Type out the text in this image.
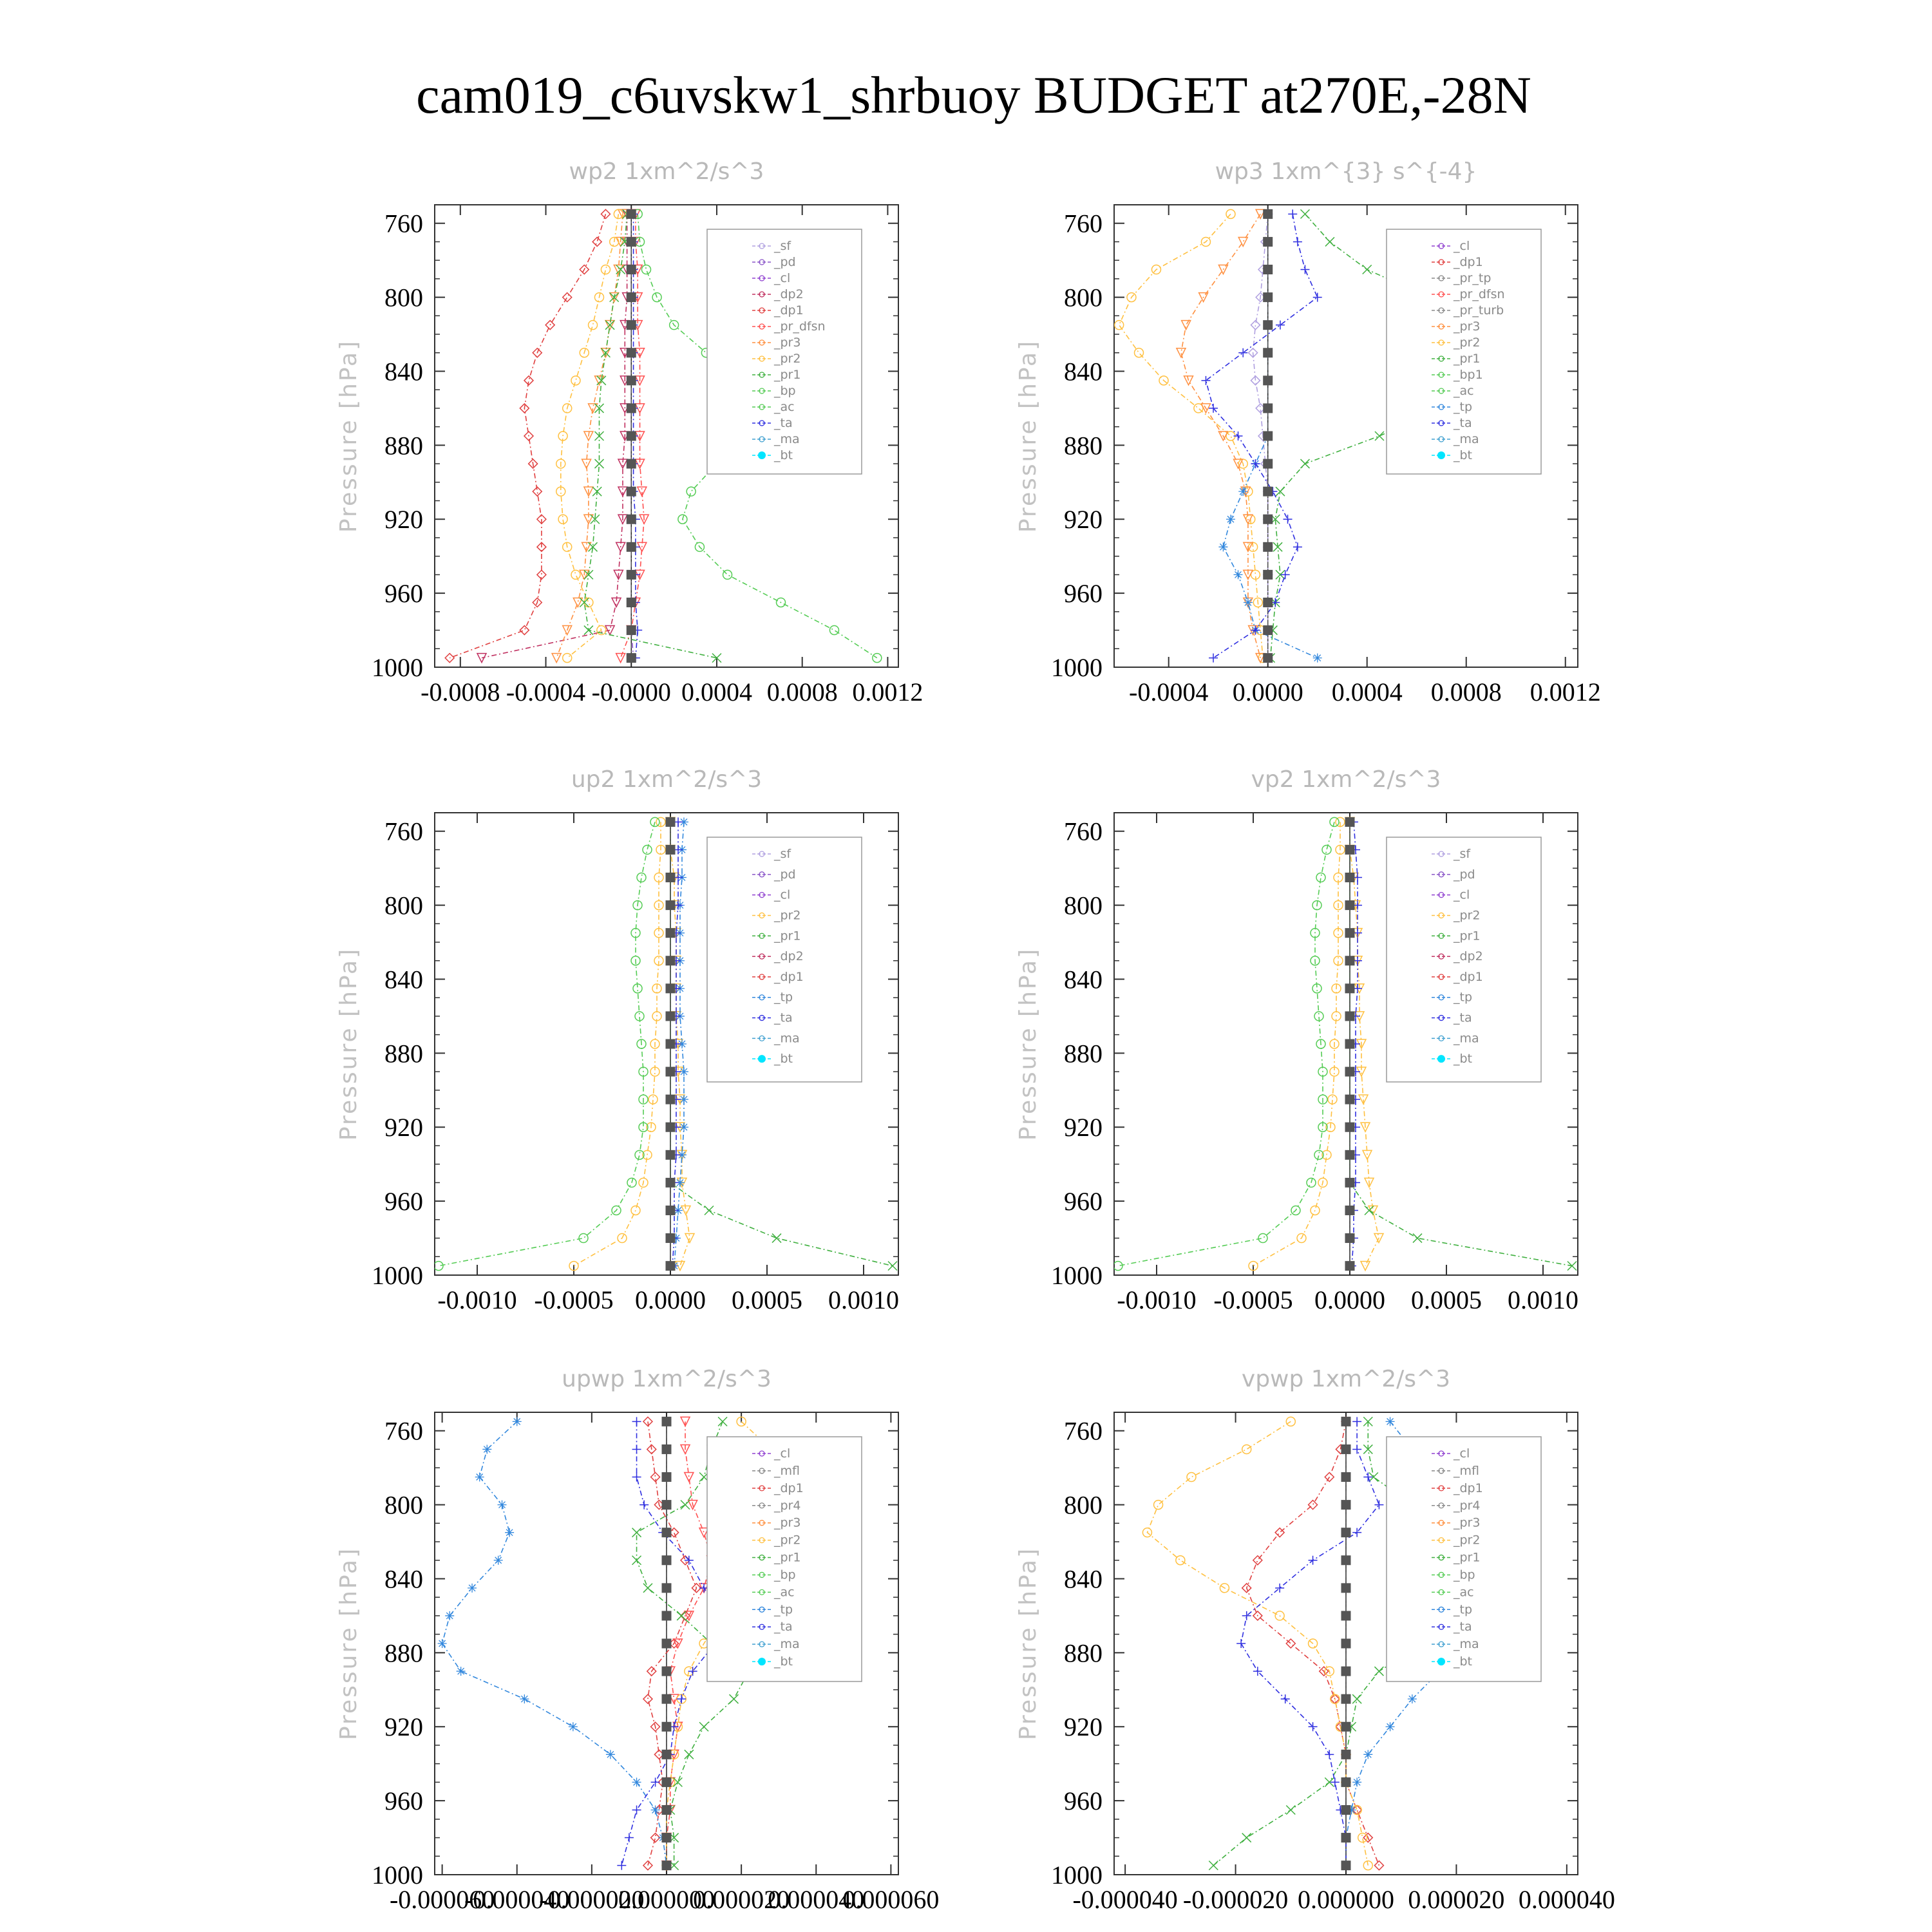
cam019_c6uvskw1_shrbuoy BUDGET at270E,-28N
wp2 1xm^2/s^3
Pressure [hPa]
760
800
840
880
920
960
1000
-0.0008 -0.0004 -0.0000 0.0004 0.0008 0.0012
_sf
_pd
_cl
_dp2
_dp1
_pr_dfsn
_pr3
_pr2
_pr1
_bp
_ac
_ta
_ma
_bt
wp3 1xm^{3} s^{-4}
Pressure [hPa]
760
800
840
880
920
960
1000
-0.0004 0.0000 0.0004 0.0008 0.0012
_cl
_dp1
_pr_tp
_pr_dfsn
_pr_turb
_pr3
_pr2
_pr1
_bp1
_ac
_tp
_ta
_ma
_bt
up2 1xm^2/s^3
Pressure [hPa]
760
800
840
880
920
960
1000
-0.0010 -0.0005 0.0000 0.0005 0.0010
_sf
_pd
_cl
_pr2
_pr1
_dp2
_dp1
_tp
_ta
_ma
_bt
vp2 1xm^2/s^3
Pressure [hPa]
760
800
840
880
920
960
1000
-0.0010 -0.0005 0.0000 0.0005 0.0010
_sf
_pd
_cl
_pr2
_pr1
_dp2
_dp1
_tp
_ta
_ma
_bt
upwp 1xm^2/s^3
Pressure [hPa]
760
800
840
880
920
960
1000
-0.000060
-0.000040
-0.000020
0.000000
0.000020
0.000040
0.000060
_cl
_mfl
_dp1
_pr4
_pr3
_pr2
_pr1
_bp
_ac
_tp
_ta
_ma
_bt
vpwp 1xm^2/s^3
Pressure [hPa]
760
800
840
880
920
960
1000
-0.000040 -0.000020 0.000000 0.000020 0.000040
_cl
_mfl
_dp1
_pr4
_pr3
_pr2
_pr1
_bp
_ac
_tp
_ta
_ma
_bt
